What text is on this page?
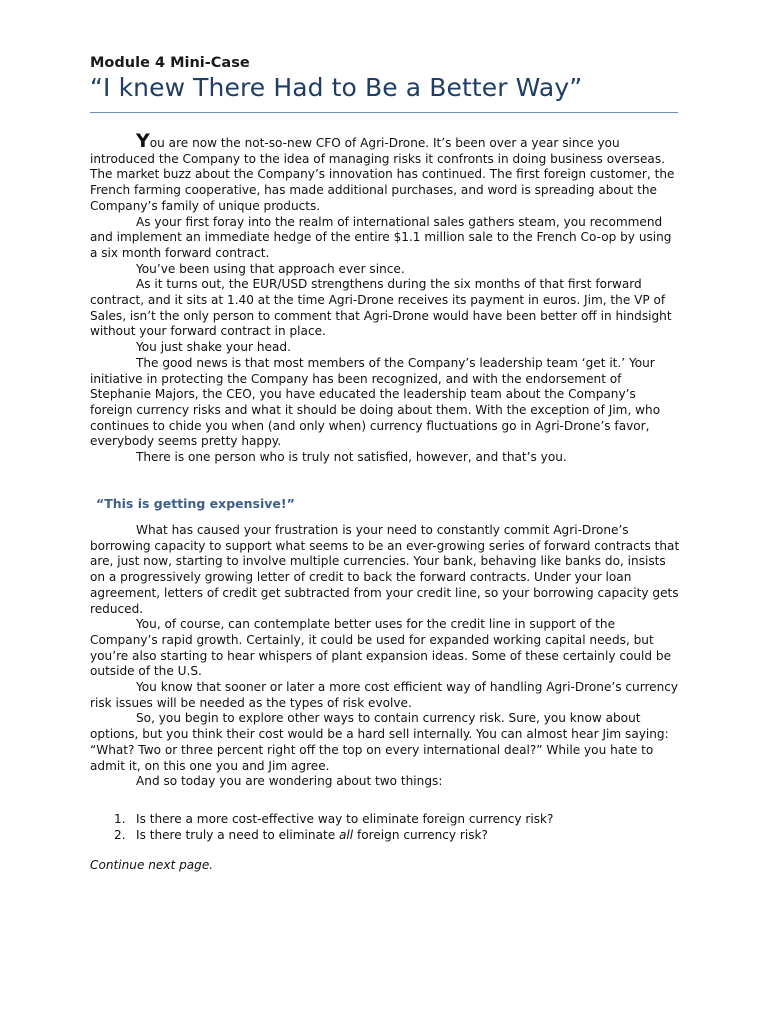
Module 4 Mini-Case
“I knew There Had to Be a Better Way”

You are now the not-so-new CFO of Agri-Drone. It’s been over a year since you introduced the Company to the idea of managing risks it confronts in doing business overseas. The market buzz about the Company’s innovation has continued. The first foreign customer, the French farming cooperative, has made additional purchases, and word is spreading about the Company’s family of unique products.

As your first foray into the realm of international sales gathers steam, you recommend and implement an immediate hedge of the entire $1.1 million sale to the French Co-op by using a six month forward contract.

You’ve been using that approach ever since.

As it turns out, the EUR/USD strengthens during the six months of that first forward contract, and it sits at 1.40 at the time Agri-Drone receives its payment in euros. Jim, the VP of Sales, isn’t the only person to comment that Agri-Drone would have been better off in hindsight without your forward contract in place.

You just shake your head.

The good news is that most members of the Company’s leadership team ‘get it.’ Your initiative in protecting the Company has been recognized, and with the endorsement of Stephanie Majors, the CEO, you have educated the leadership team about the Company’s foreign currency risks and what it should be doing about them. With the exception of Jim, who continues to chide you when (and only when) currency fluctuations go in Agri-Drone’s favor, everybody seems pretty happy.

There is one person who is truly not satisfied, however, and that’s you.

“This is getting expensive!”

What has caused your frustration is your need to constantly commit Agri-Drone’s borrowing capacity to support what seems to be an ever-growing series of forward contracts that are, just now, starting to involve multiple currencies. Your bank, behaving like banks do, insists on a progressively growing letter of credit to back the forward contracts. Under your loan agreement, letters of credit get subtracted from your credit line, so your borrowing capacity gets reduced.

You, of course, can contemplate better uses for the credit line in support of the Company’s rapid growth. Certainly, it could be used for expanded working capital needs, but you’re also starting to hear whispers of plant expansion ideas. Some of these certainly could be outside of the U.S.

You know that sooner or later a more cost efficient way of handling Agri-Drone’s currency risk issues will be needed as the types of risk evolve.

So, you begin to explore other ways to contain currency risk. Sure, you know about options, but you think their cost would be a hard sell internally. You can almost hear Jim saying: “What? Two or three percent right off the top on every international deal?” While you hate to admit it, on this one you and Jim agree.

And so today you are wondering about two things:

1. Is there a more cost-effective way to eliminate foreign currency risk?
2. Is there truly a need to eliminate all foreign currency risk?
Continue next page.
